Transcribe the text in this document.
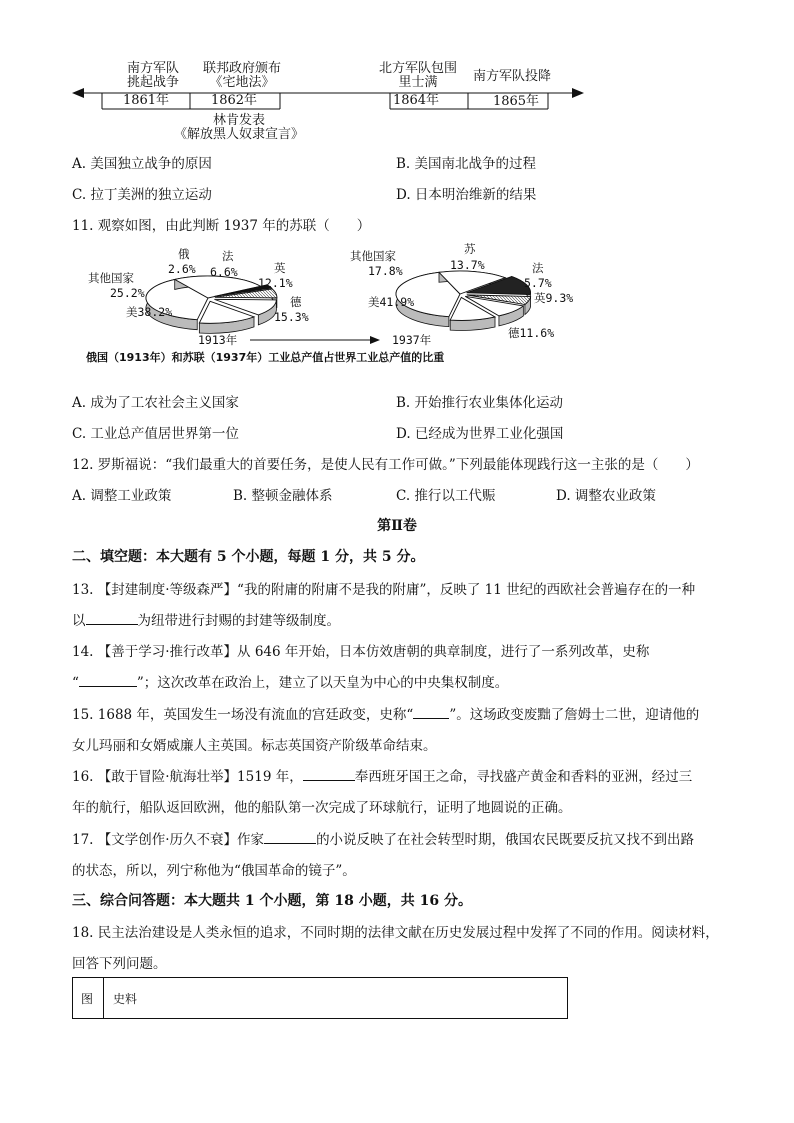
南方军队
挑起战争
联邦政府颁布
《宅地法》
北方军队包围
里士满	南方军队投降
1861年	1862年	1864年	1865年
林肯发表
《解放黑人奴隶宣言》
A. 美国独立战争的原因	B. 美国南北战争的过程
C. 拉丁美洲的独立运动	D. 日本明治维新的结果
11. 观察如图，由此判断 1937 年的苏联（　　）
其他国家
25.2%
俄
2.6%
法
6.6%	英
12.1%
德
15.3%
美38.2%
其他国家
17.8%
苏
13.7%	法
5.7%
英9.3%
德11.6%
美41.9%
1913年	1937年
俄国（1913年）和苏联（1937年）工业总产值占世界工业总产值的比重
A. 成为了工农社会主义国家	B. 开始推行农业集体化运动
C. 工业总产值居世界第一位	D. 已经成为世界工业化强国
12. 罗斯福说：“我们最重大的首要任务，是使人民有工作可做。”下列最能体现践行这一主张的是（　　）
A. 调整工业政策	B. 整顿金融体系	C. 推行以工代赈	D. 调整农业政策
第Ⅱ卷
二、填空题：本大题有 5 个小题，每题 1 分，共 5 分。
13. 【封建制度·等级森严】“我的附庸的附庸不是我的附庸”，反映了 11 世纪的西欧社会普遍存在的一种
以	为纽带进行封赐的封建等级制度。
14. 【善于学习·推行改革】从 646 年开始，日本仿效唐朝的典章制度，进行了一系列改革，史称
“	”；这次改革在政治上，建立了以天皇为中心的中央集权制度。
15. 1688 年，英国发生一场没有流血的宫廷政变，史称“	”。这场政变废黜了詹姆士二世，迎请他的
女儿玛丽和女婿威廉人主英国。标志英国资产阶级革命结束。
16. 【敢于冒险·航海壮举】1519 年，	奉西班牙国王之命，寻找盛产黄金和香料的亚洲，经过三
年的航行，船队返回欧洲，他的船队第一次完成了环球航行，证明了地圆说的正确。
17. 【文学创作·历久不衰】作家	的小说反映了在社会转型时期，俄国农民既要反抗又找不到出路
的状态，所以，列宁称他为“俄国革命的镜子”。
三、综合问答题：本大题共 1 个小题，第 18 小题，共 16 分。
18. 民主法治建设是人类永恒的追求，不同时期的法律文献在历史发展过程中发挥了不同的作用。阅读材料，
回答下列问题。
图 史料
